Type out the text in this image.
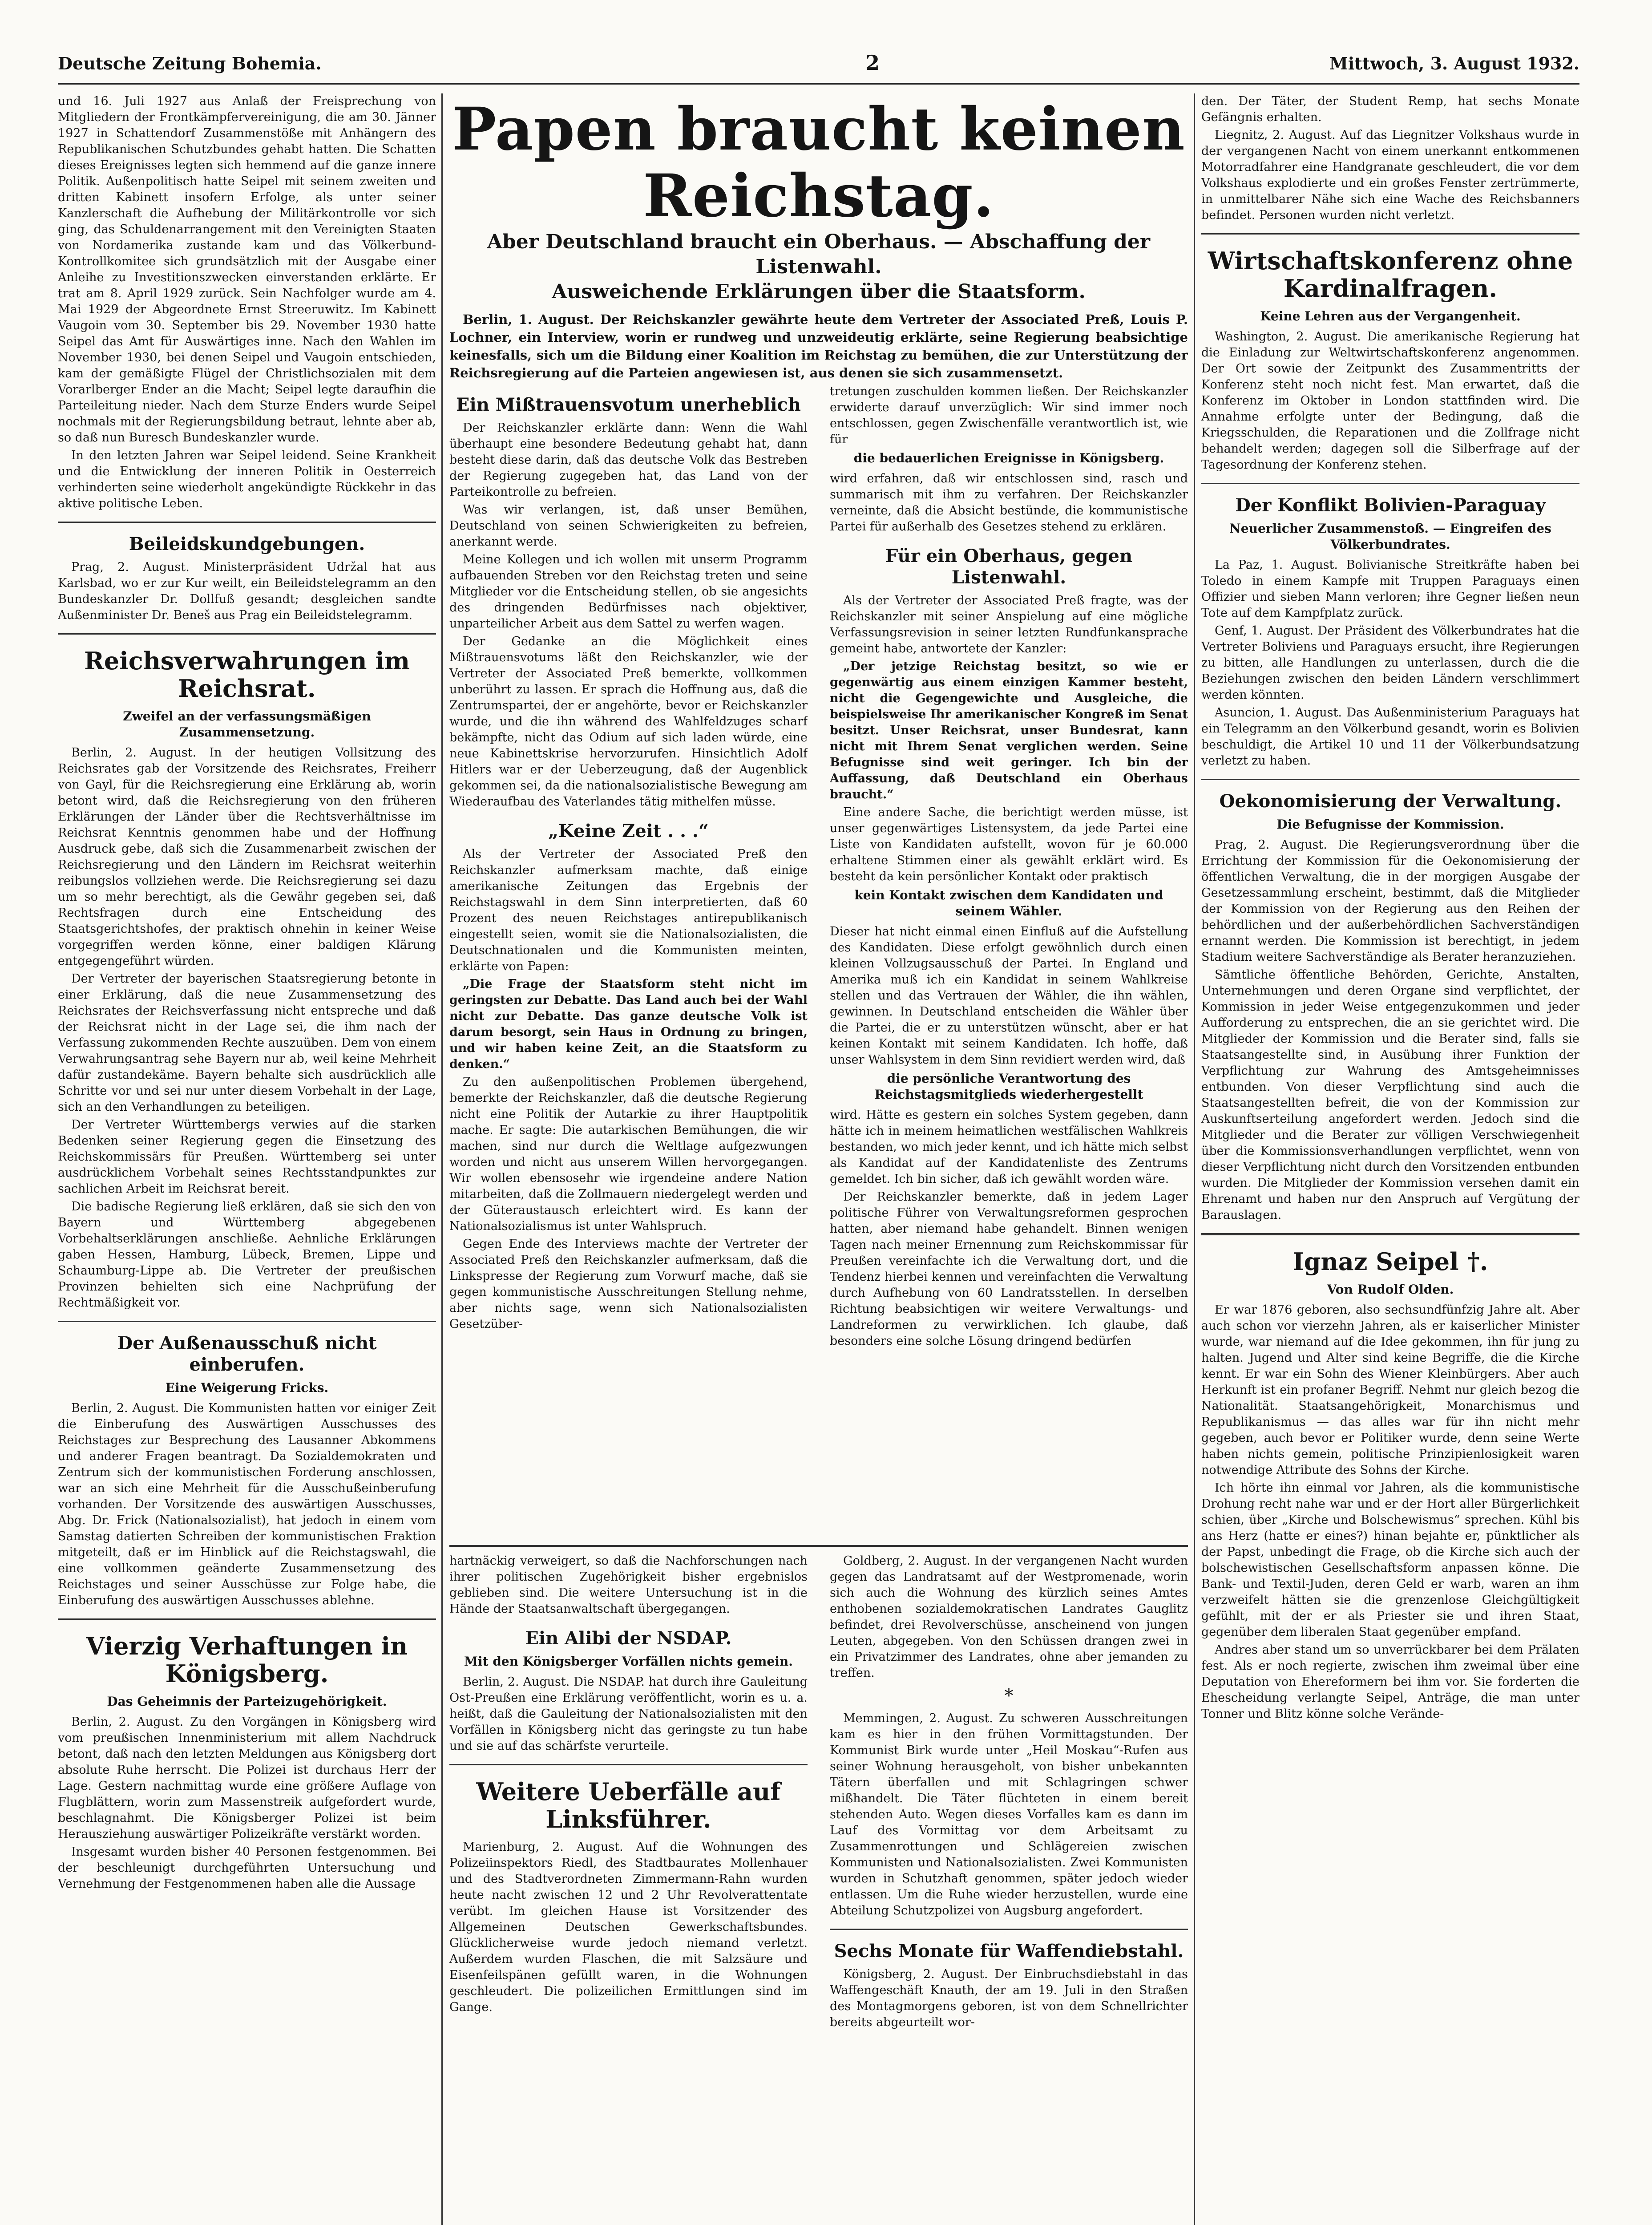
Deutsche Zeitung Bohemia.	2	Mittwoch, 3. August 1932.

und 16. Juli 1927 aus Anlaß der Freisprechung von Mitgliedern der Frontkämpfervereinigung, die am 30. Jänner 1927 in Schattendorf Zusammenstöße mit Anhängern des Republikanischen Schutzbundes gehabt hatten. Die Schatten dieses Ereignisses legten sich hemmend auf die ganze innere Politik. Außenpolitisch hatte Seipel mit seinem zweiten und dritten Kabinett insofern Erfolge, als unter seiner Kanzlerschaft die Aufhebung der Militärkontrolle vor sich ging, das Schuldenarrangement mit den Vereinigten Staaten von Nordamerika zustande kam und das Völkerbund-Kontrollkomitee sich grundsätzlich mit der Ausgabe einer Anleihe zu Investitionszwecken einverstanden erklärte. Er trat am 8. April 1929 zurück. Sein Nachfolger wurde am 4. Mai 1929 der Abgeordnete Ernst Streeruwitz. Im Kabinett Vaugoin vom 30. September bis 29. November 1930 hatte Seipel das Amt für Auswärtiges inne. Nach den Wahlen im November 1930, bei denen Seipel und Vaugoin entschieden, kam der gemäßigte Flügel der Christlichsozialen mit dem Vorarlberger Ender an die Macht; Seipel legte daraufhin die Parteileitung nieder. Nach dem Sturze Enders wurde Seipel nochmals mit der Regierungsbildung betraut, lehnte aber ab, so daß nun Buresch Bundeskanzler wurde.

In den letzten Jahren war Seipel leidend. Seine Krankheit und die Entwicklung der inneren Politik in Oesterreich verhinderten seine wiederholt angekündigte Rückkehr in das aktive politische Leben.

Beileidskundgebungen.

Prag, 2. August. Ministerpräsident Udržal hat aus Karlsbad, wo er zur Kur weilt, ein Beileidstelegramm an den Bundeskanzler Dr. Dollfuß gesandt; desgleichen sandte Außenminister Dr. Beneš aus Prag ein Beileidstelegramm.

Reichsverwahrungen im Reichsrat.
Zweifel an der verfassungsmäßigen Zusammensetzung.

Berlin, 2. August. In der heutigen Vollsitzung des Reichsrates gab der Vorsitzende des Reichsrates, Freiherr von Gayl, für die Reichsregierung eine Erklärung ab, worin betont wird, daß die Reichsregierung von den früheren Erklärungen der Länder über die Rechtsverhältnisse im Reichsrat Kenntnis genommen habe und der Hoffnung Ausdruck gebe, daß sich die Zusammenarbeit zwischen der Reichsregierung und den Ländern im Reichsrat weiterhin reibungslos vollziehen werde. Die Reichsregierung sei dazu um so mehr berechtigt, als die Gewähr gegeben sei, daß Rechtsfragen durch eine Entscheidung des Staatsgerichtshofes, der praktisch ohnehin in keiner Weise vorgegriffen werden könne, einer baldigen Klärung entgegengeführt würden.

Der Vertreter der bayerischen Staatsregierung betonte in einer Erklärung, daß die neue Zusammensetzung des Reichsrates der Reichsverfassung nicht entspreche und daß der Reichsrat nicht in der Lage sei, die ihm nach der Verfassung zukommenden Rechte auszuüben. Dem von einem Verwahrungsantrag sehe Bayern nur ab, weil keine Mehrheit dafür zustandekäme. Bayern behalte sich ausdrücklich alle Schritte vor und sei nur unter diesem Vorbehalt in der Lage, sich an den Verhandlungen zu beteiligen.

Der Vertreter Württembergs verwies auf die starken Bedenken seiner Regierung gegen die Einsetzung des Reichskommissärs für Preußen. Württemberg sei unter ausdrücklichem Vorbehalt seines Rechtsstandpunktes zur sachlichen Arbeit im Reichsrat bereit.

Die badische Regierung ließ erklären, daß sie sich den von Bayern und Württemberg abgegebenen Vorbehaltserklärungen anschließe. Aehnliche Erklärungen gaben Hessen, Hamburg, Lübeck, Bremen, Lippe und Schaumburg-Lippe ab. Die Vertreter der preußischen Provinzen behielten sich eine Nachprüfung der Rechtmäßigkeit vor.

Der Außenausschuß nicht einberufen.
Eine Weigerung Fricks.

Berlin, 2. August. Die Kommunisten hatten vor einiger Zeit die Einberufung des Auswärtigen Ausschusses des Reichstages zur Besprechung des Lausanner Abkommens und anderer Fragen beantragt. Da Sozialdemokraten und Zentrum sich der kommunistischen Forderung anschlossen, war an sich eine Mehrheit für die Ausschußeinberufung vorhanden. Der Vorsitzende des auswärtigen Ausschusses, Abg. Dr. Frick (Nationalsozialist), hat jedoch in einem vom Samstag datierten Schreiben der kommunistischen Fraktion mitgeteilt, daß er im Hinblick auf die Reichstagswahl, die eine vollkommen geänderte Zusammensetzung des Reichstages und seiner Ausschüsse zur Folge habe, die Einberufung des auswärtigen Ausschusses ablehne.

Vierzig Verhaftungen in Königsberg.
Das Geheimnis der Parteizugehörigkeit.

Berlin, 2. August. Zu den Vorgängen in Königsberg wird vom preußischen Innenministerium mit allem Nachdruck betont, daß nach den letzten Meldungen aus Königsberg dort absolute Ruhe herrscht. Die Polizei ist durchaus Herr der Lage. Gestern nachmittag wurde eine größere Auflage von Flugblättern, worin zum Massenstreik aufgefordert wurde, beschlagnahmt. Die Königsberger Polizei ist beim Herausziehung auswärtiger Polizeikräfte verstärkt worden.

Insgesamt wurden bisher 40 Personen festgenommen. Bei der beschleunigt durchgeführten Untersuchung und Vernehmung der Festgenommenen haben alle die Aussage

Papen braucht keinen Reichstag.
Aber Deutschland braucht ein Oberhaus. — Abschaffung der Listenwahl.
Ausweichende Erklärungen über die Staatsform.

Berlin, 1. August. Der Reichskanzler gewährte heute dem Vertreter der Associated Preß, Louis P. Lochner, ein Interview, worin er rundweg und unzweideutig erklärte, seine Regierung beabsichtige keinesfalls, sich um die Bildung einer Koalition im Reichstag zu bemühen, die zur Unterstützung der Reichsregierung auf die Parteien angewiesen ist, aus denen sie sich zusammensetzt.

Ein Mißtrauensvotum unerheblich

Der Reichskanzler erklärte dann: Wenn die Wahl überhaupt eine besondere Bedeutung gehabt hat, dann besteht diese darin, daß das deutsche Volk das Bestreben der Regierung zugegeben hat, das Land von der Parteikontrolle zu befreien.

Was wir verlangen, ist, daß unser Bemühen, Deutschland von seinen Schwierigkeiten zu befreien, anerkannt werde.

Meine Kollegen und ich wollen mit unserm Programm aufbauenden Streben vor den Reichstag treten und seine Mitglieder vor die Entscheidung stellen, ob sie angesichts des dringenden Bedürfnisses nach objektiver, unparteilicher Arbeit aus dem Sattel zu werfen wagen.

Der Gedanke an die Möglichkeit eines Mißtrauensvotums läßt den Reichskanzler, wie der Vertreter der Associated Preß bemerkte, vollkommen unberührt zu lassen. Er sprach die Hoffnung aus, daß die Zentrumspartei, der er angehörte, bevor er Reichskanzler wurde, und die ihn während des Wahlfeldzuges scharf bekämpfte, nicht das Odium auf sich laden würde, eine neue Kabinettskrise hervorzurufen. Hinsichtlich Adolf Hitlers war er der Ueberzeugung, daß der Augenblick gekommen sei, da die nationalsozialistische Bewegung am Wiederaufbau des Vaterlandes tätig mithelfen müsse.

„Keine Zeit . . .“

Als der Vertreter der Associated Preß den Reichskanzler aufmerksam machte, daß einige amerikanische Zeitungen das Ergebnis der Reichstagswahl in dem Sinn interpretierten, daß 60 Prozent des neuen Reichstages antirepublikanisch eingestellt seien, womit sie die Nationalsozialisten, die Deutschnationalen und die Kommunisten meinten, erklärte von Papen:

„Die Frage der Staatsform steht nicht im geringsten zur Debatte. Das Land auch bei der Wahl nicht zur Debatte. Das ganze deutsche Volk ist darum besorgt, sein Haus in Ordnung zu bringen, und wir haben keine Zeit, an die Staatsform zu denken.“

Zu den außenpolitischen Problemen übergehend, bemerkte der Reichskanzler, daß die deutsche Regierung nicht eine Politik der Autarkie zu ihrer Hauptpolitik mache. Er sagte: Die autarkischen Bemühungen, die wir machen, sind nur durch die Weltlage aufgezwungen worden und nicht aus unserem Willen hervorgegangen. Wir wollen ebensosehr wie irgendeine andere Nation mitarbeiten, daß die Zollmauern niedergelegt werden und der Güteraustausch erleichtert wird. Es kann der Nationalsozialismus ist unter Wahlspruch.

Gegen Ende des Interviews machte der Vertreter der Associated Preß den Reichskanzler aufmerksam, daß die Linkspresse der Regierung zum Vorwurf mache, daß sie gegen kommunistische Ausschreitungen Stellung nehme, aber nichts sage, wenn sich Nationalsozialisten Gesetzüber-

tretungen zuschulden kommen ließen. Der Reichskanzler erwiderte darauf unverzüglich: Wir sind immer noch entschlossen, gegen Zwischenfälle verantwortlich ist, wie für

die bedauerlichen Ereignisse in Königsberg.

wird erfahren, daß wir entschlossen sind, rasch und summarisch mit ihm zu verfahren. Der Reichskanzler verneinte, daß die Absicht bestünde, die kommunistische Partei für außerhalb des Gesetzes stehend zu erklären.

Für ein Oberhaus, gegen Listenwahl.

Als der Vertreter der Associated Preß fragte, was der Reichskanzler mit seiner Anspielung auf eine mögliche Verfassungsrevision in seiner letzten Rundfunkansprache gemeint habe, antwortete der Kanzler:

„Der jetzige Reichstag besitzt, so wie er gegenwärtig aus einem einzigen Kammer besteht, nicht die Gegengewichte und Ausgleiche, die beispielsweise Ihr amerikanischer Kongreß im Senat besitzt. Unser Reichsrat, unser Bundesrat, kann nicht mit Ihrem Senat verglichen werden. Seine Befugnisse sind weit geringer. Ich bin der Auffassung, daß Deutschland ein Oberhaus braucht.“

Eine andere Sache, die berichtigt werden müsse, ist unser gegenwärtiges Listensystem, da jede Partei eine Liste von Kandidaten aufstellt, wovon für je 60.000 erhaltene Stimmen einer als gewählt erklärt wird. Es besteht da kein persönlicher Kontakt oder praktisch

kein Kontakt zwischen dem Kandidaten und seinem Wähler.

Dieser hat nicht einmal einen Einfluß auf die Aufstellung des Kandidaten. Diese erfolgt gewöhnlich durch einen kleinen Vollzugsausschuß der Partei. In England und Amerika muß ich ein Kandidat in seinem Wahlkreise stellen und das Vertrauen der Wähler, die ihn wählen, gewinnen. In Deutschland entscheiden die Wähler über die Partei, die er zu unterstützen wünscht, aber er hat keinen Kontakt mit seinem Kandidaten. Ich hoffe, daß unser Wahlsystem in dem Sinn revidiert werden wird, daß

die persönliche Verantwortung des Reichstagsmitglieds wiederhergestellt

wird. Hätte es gestern ein solches System gegeben, dann hätte ich in meinem heimatlichen westfälischen Wahlkreis bestanden, wo mich jeder kennt, und ich hätte mich selbst als Kandidat auf der Kandidatenliste des Zentrums gemeldet. Ich bin sicher, daß ich gewählt worden wäre.

Der Reichskanzler bemerkte, daß in jedem Lager politische Führer von Verwaltungsreformen gesprochen hatten, aber niemand habe gehandelt. Binnen wenigen Tagen nach meiner Ernennung zum Reichskommissar für Preußen vereinfachte ich die Verwaltung dort, und die Tendenz hierbei kennen und vereinfachten die Verwaltung durch Aufhebung von 60 Landratsstellen. In derselben Richtung beabsichtigen wir weitere Verwaltungs- und Landreformen zu verwirklichen. Ich glaube, daß besonders eine solche Lösung dringend bedürfen

hartnäckig verweigert, so daß die Nachforschungen nach ihrer politischen Zugehörigkeit bisher ergebnislos geblieben sind. Die weitere Untersuchung ist in die Hände der Staatsanwaltschaft übergegangen.

Ein Alibi der NSDAP.
Mit den Königsberger Vorfällen nichts gemein.

Berlin, 2. August. Die NSDAP. hat durch ihre Gauleitung Ost-Preußen eine Erklärung veröffentlicht, worin es u. a. heißt, daß die Gauleitung der Nationalsozialisten mit den Vorfällen in Königsberg nicht das geringste zu tun habe und sie auf das schärfste verurteile.

Weitere Ueberfälle auf Linksführer.

Marienburg, 2. August. Auf die Wohnungen des Polizeiinspektors Riedl, des Stadtbaurates Mollenhauer und des Stadtverordneten Zimmermann-Rahn wurden heute nacht zwischen 12 und 2 Uhr Revolverattentate verübt. Im gleichen Hause ist Vorsitzender des Allgemeinen Deutschen Gewerkschaftsbundes. Glücklicherweise wurde jedoch niemand verletzt. Außerdem wurden Flaschen, die mit Salzsäure und Eisenfeilspänen gefüllt waren, in die Wohnungen geschleudert. Die polizeilichen Ermittlungen sind im Gange.

Goldberg, 2. August. In der vergangenen Nacht wurden gegen das Landratsamt auf der Westpromenade, worin sich auch die Wohnung des kürzlich seines Amtes enthobenen sozialdemokratischen Landrates Gauglitz befindet, drei Revolverschüsse, anscheinend von jungen Leuten, abgegeben. Von den Schüssen drangen zwei in ein Privatzimmer des Landrates, ohne aber jemanden zu treffen.

*

Memmingen, 2. August. Zu schweren Ausschreitungen kam es hier in den frühen Vormittagstunden. Der Kommunist Birk wurde unter „Heil Moskau“-Rufen aus seiner Wohnung herausgeholt, von bisher unbekannten Tätern überfallen und mit Schlagringen schwer mißhandelt. Die Täter flüchteten in einem bereit stehenden Auto. Wegen dieses Vorfalles kam es dann im Lauf des Vormittag vor dem Arbeitsamt zu Zusammenrottungen und Schlägereien zwischen Kommunisten und Nationalsozialisten. Zwei Kommunisten wurden in Schutzhaft genommen, später jedoch wieder entlassen. Um die Ruhe wieder herzustellen, wurde eine Abteilung Schutzpolizei von Augsburg angefordert.

Sechs Monate für Waffendiebstahl.

Königsberg, 2. August. Der Einbruchsdiebstahl in das Waffengeschäft Knauth, der am 19. Juli in den Straßen des Montagmorgens geboren, ist von dem Schnellrichter bereits abgeurteilt wor-

den. Der Täter, der Student Remp, hat sechs Monate Gefängnis erhalten.

Liegnitz, 2. August. Auf das Liegnitzer Volkshaus wurde in der vergangenen Nacht von einem unerkannt entkommenen Motorradfahrer eine Handgranate geschleudert, die vor dem Volkshaus explodierte und ein großes Fenster zertrümmerte, in unmittelbarer Nähe sich eine Wache des Reichsbanners befindet. Personen wurden nicht verletzt.

Wirtschaftskonferenz ohne Kardinalfragen.
Keine Lehren aus der Vergangenheit.

Washington, 2. August. Die amerikanische Regierung hat die Einladung zur Weltwirtschaftskonferenz angenommen. Der Ort sowie der Zeitpunkt des Zusammentritts der Konferenz steht noch nicht fest. Man erwartet, daß die Konferenz im Oktober in London stattfinden wird. Die Annahme erfolgte unter der Bedingung, daß die Kriegsschulden, die Reparationen und die Zollfrage nicht behandelt werden; dagegen soll die Silberfrage auf der Tagesordnung der Konferenz stehen.

Der Konflikt Bolivien-Paraguay
Neuerlicher Zusammenstoß. — Eingreifen des Völkerbundrates.

La Paz, 1. August. Bolivianische Streitkräfte haben bei Toledo in einem Kampfe mit Truppen Paraguays einen Offizier und sieben Mann verloren; ihre Gegner ließen neun Tote auf dem Kampfplatz zurück.

Genf, 1. August. Der Präsident des Völkerbundrates hat die Vertreter Boliviens und Paraguays ersucht, ihre Regierungen zu bitten, alle Handlungen zu unterlassen, durch die die Beziehungen zwischen den beiden Ländern verschlimmert werden könnten.

Asuncion, 1. August. Das Außenministerium Paraguays hat ein Telegramm an den Völkerbund gesandt, worin es Bolivien beschuldigt, die Artikel 10 und 11 der Völkerbundsatzung verletzt zu haben.

Oekonomisierung der Verwaltung.
Die Befugnisse der Kommission.

Prag, 2. August. Die Regierungsverordnung über die Errichtung der Kommission für die Oekonomisierung der öffentlichen Verwaltung, die in der morgigen Ausgabe der Gesetzessammlung erscheint, bestimmt, daß die Mitglieder der Kommission von der Regierung aus den Reihen der behördlichen und der außerbehördlichen Sachverständigen ernannt werden. Die Kommission ist berechtigt, in jedem Stadium weitere Sachverständige als Berater heranzuziehen.

Sämtliche öffentliche Behörden, Gerichte, Anstalten, Unternehmungen und deren Organe sind verpflichtet, der Kommission in jeder Weise entgegenzukommen und jeder Aufforderung zu entsprechen, die an sie gerichtet wird. Die Mitglieder der Kommission und die Berater sind, falls sie Staatsangestellte sind, in Ausübung ihrer Funktion der Verpflichtung zur Wahrung des Amtsgeheimnisses entbunden. Von dieser Verpflichtung sind auch die Staatsangestellten befreit, die von der Kommission zur Auskunftserteilung angefordert werden. Jedoch sind die Mitglieder und die Berater zur völligen Verschwiegenheit über die Kommissionsverhandlungen verpflichtet, wenn von dieser Verpflichtung nicht durch den Vorsitzenden entbunden wurden. Die Mitglieder der Kommission versehen damit ein Ehrenamt und haben nur den Anspruch auf Vergütung der Barauslagen.

Ignaz Seipel †.
Von Rudolf Olden.

Er war 1876 geboren, also sechsundfünfzig Jahre alt. Aber auch schon vor vierzehn Jahren, als er kaiserlicher Minister wurde, war niemand auf die Idee gekommen, ihn für jung zu halten. Jugend und Alter sind keine Begriffe, die die Kirche kennt. Er war ein Sohn des Wiener Kleinbürgers. Aber auch Herkunft ist ein profaner Begriff. Nehmt nur gleich bezog die Nationalität. Staatsangehörigkeit, Monarchismus und Republikanismus — das alles war für ihn nicht mehr gegeben, auch bevor er Politiker wurde, denn seine Werte haben nichts gemein, politische Prinzipienlosigkeit waren notwendige Attribute des Sohns der Kirche.

Ich hörte ihn einmal vor Jahren, als die kommunistische Drohung recht nahe war und er der Hort aller Bürgerlichkeit schien, über „Kirche und Bolschewismus“ sprechen. Kühl bis ans Herz (hatte er eines?) hinan bejahte er, pünktlicher als der Papst, unbedingt die Frage, ob die Kirche sich auch der bolschewistischen Gesellschaftsform anpassen könne. Die Bank- und Textil-Juden, deren Geld er warb, waren an ihm verzweifelt hätten sie die grenzenlose Gleichgültigkeit gefühlt, mit der er als Priester sie und ihren Staat, gegenüber dem liberalen Staat gegenüber empfand.

Andres aber stand um so unverrückbarer bei dem Prälaten fest. Als er noch regierte, zwischen ihm zweimal über eine Deputation von Ehereformern bei ihm vor. Sie forderten die Ehescheidung verlangte Seipel, Anträge, die man unter Tonner und Blitz könne solche Verände-
